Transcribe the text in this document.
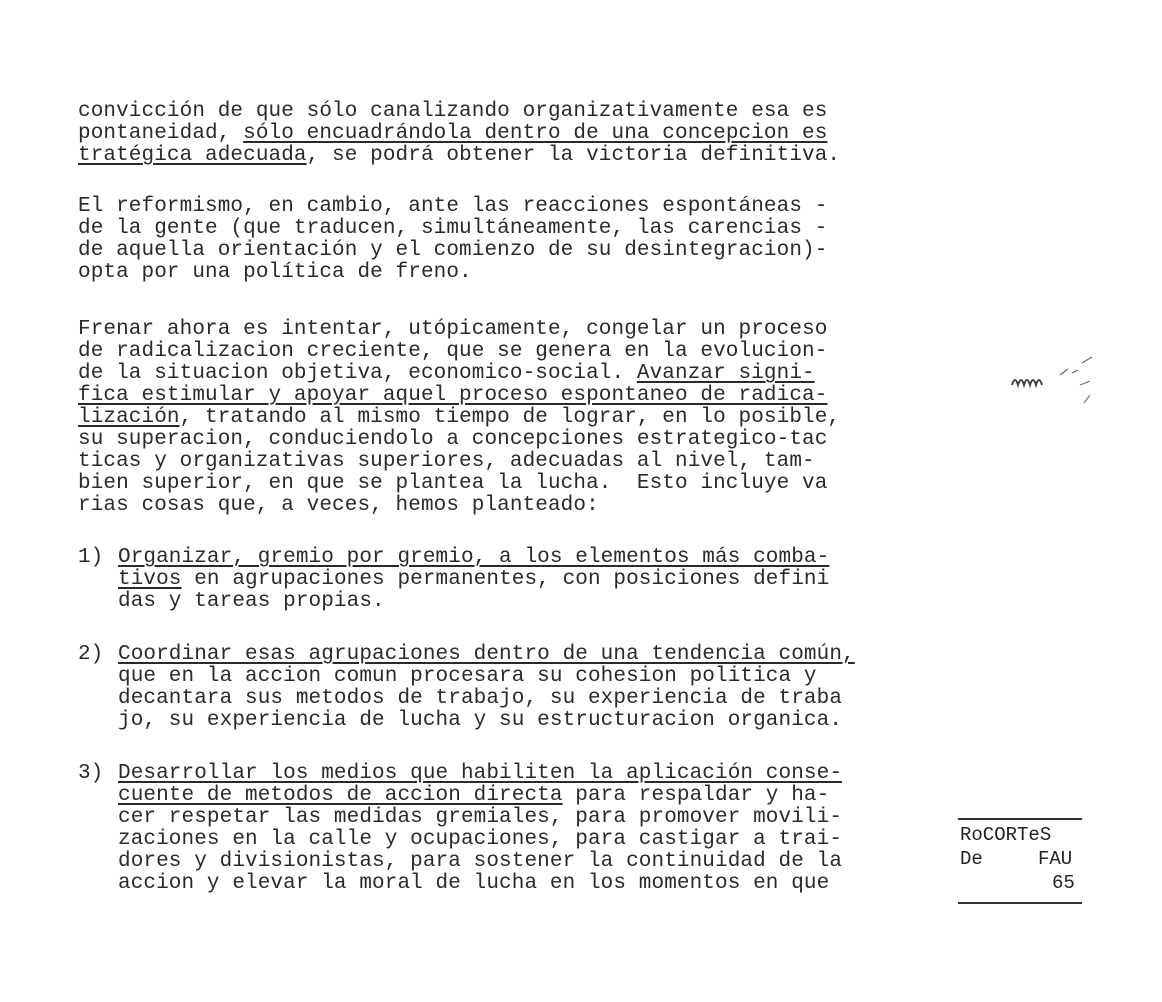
convicción de que sólo canalizando organizativamente esa es
pontaneidad, sólo encuadrándola dentro de una concepcion es
tratégica adecuada, se podrá obtener la victoria definitiva.
El reformismo, en cambio, ante las reacciones espontáneas -
de la gente (que traducen, simultáneamente, las carencias -
de aquella orientación y el comienzo de su desintegracion)-
opta por una política de freno.
Frenar ahora es intentar, utópicamente, congelar un proceso
de radicalizacion creciente, que se genera en la evolucion-
de la situacion objetiva, economico-social. Avanzar signi-
fica estimular y apoyar aquel proceso espontaneo de radica-
lización, tratando al mismo tiempo de lograr, en lo posible,
su superacion, conduciendolo a concepciones estrategico-tac
ticas y organizativas superiores, adecuadas al nivel, tam-
bien superior, en que se plantea la lucha.  Esto incluye va
rias cosas que, a veces, hemos planteado:
1) Organizar, gremio por gremio, a los elementos más comba-
tivos en agrupaciones permanentes, con posiciones defini
das y tareas propias.
2) Coordinar esas agrupaciones dentro de una tendencia común,
que en la accion comun procesara su cohesion politica y
decantara sus metodos de trabajo, su experiencia de traba
jo, su experiencia de lucha y su estructuracion organica.
3) Desarrollar los medios que habiliten la aplicación conse-
cuente de metodos de accion directa para respaldar y ha-
cer respetar las medidas gremiales, para promover movili-
zaciones en la calle y ocupaciones, para castigar a trai-
dores y divisionistas, para sostener la continuidad de la
accion y elevar la moral de lucha en los momentos en que
RoCORTeS
De	FAU
65
